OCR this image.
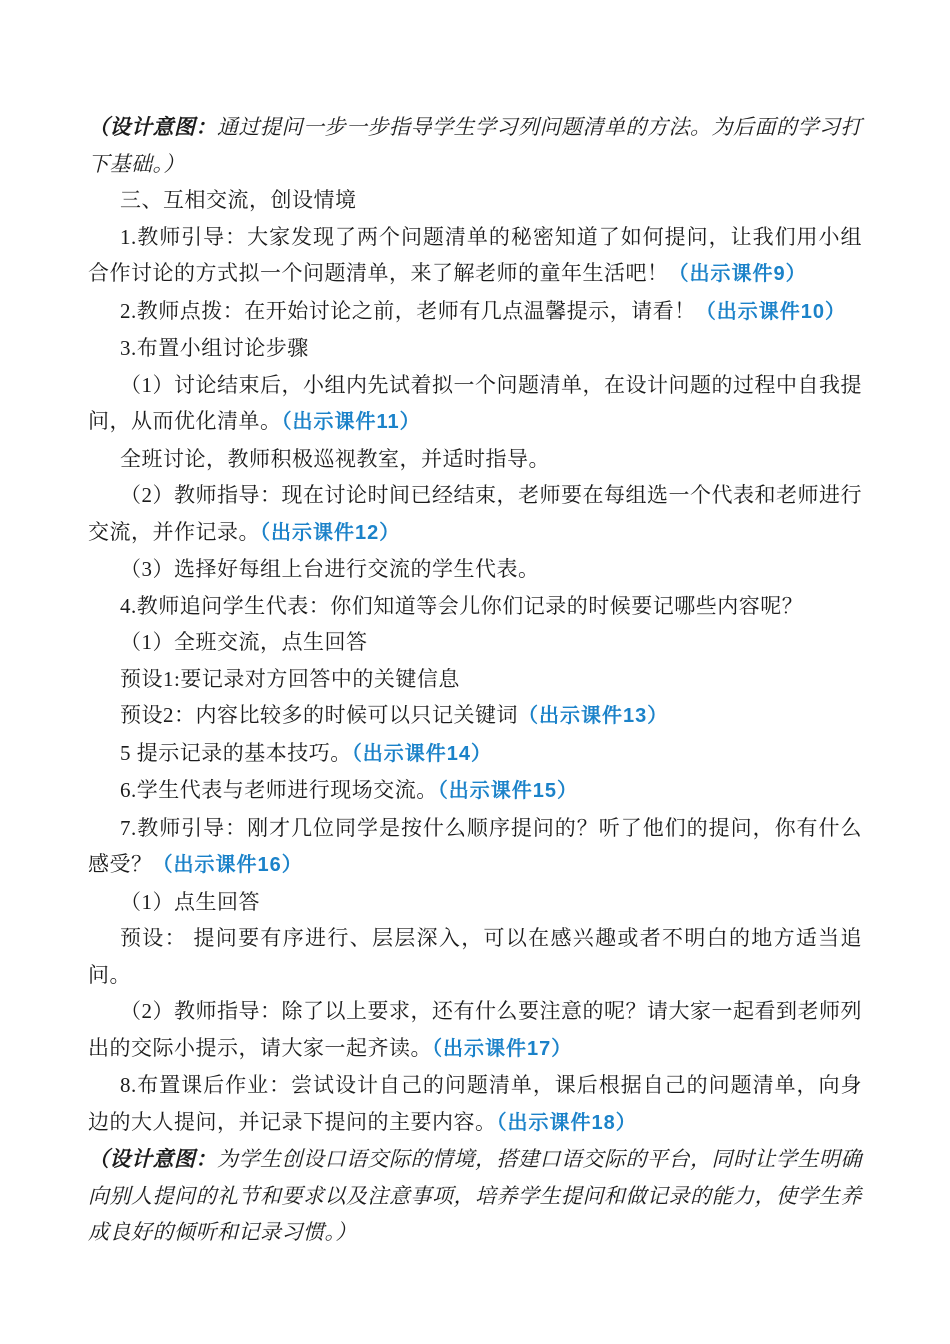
（设计意图：通过提问一步一步指导学生学习列问题清单的方法。为后面的学习打下基础。）

三、互相交流，创设情境

1.教师引导：大家发现了两个问题清单的秘密知道了如何提问，让我们用小组合作讨论的方式拟一个问题清单，来了解老师的童年生活吧！（出示课件9）

2.教师点拨：在开始讨论之前，老师有几点温馨提示，请看！（出示课件10）

3.布置小组讨论步骤

（1）讨论结束后，小组内先试着拟一个问题清单，在设计问题的过程中自我提问，从而优化清单。（出示课件11）

全班讨论，教师积极巡视教室，并适时指导。

（2）教师指导：现在讨论时间已经结束，老师要在每组选一个代表和老师进行交流，并作记录。（出示课件12）

（3）选择好每组上台进行交流的学生代表。

4.教师追问学生代表：你们知道等会儿你们记录的时候要记哪些内容呢？

（1）全班交流，点生回答

预设1:要记录对方回答中的关键信息

预设2：内容比较多的时候可以只记关键词（出示课件13）

5 提示记录的基本技巧。（出示课件14）

6.学生代表与老师进行现场交流。（出示课件15）

7.教师引导：刚才几位同学是按什么顺序提问的？听了他们的提问，你有什么感受？（出示课件16）

（1）点生回答

预设： 提问要有序进行、层层深入，可以在感兴趣或者不明白的地方适当追问。

（2）教师指导：除了以上要求，还有什么要注意的呢？请大家一起看到老师列出的交际小提示，请大家一起齐读。（出示课件17）

8.布置课后作业：尝试设计自己的问题清单，课后根据自己的问题清单，向身边的大人提问，并记录下提问的主要内容。（出示课件18）

（设计意图：为学生创设口语交际的情境，搭建口语交际的平台，同时让学生明确向别人提问的礼节和要求以及注意事项，培养学生提问和做记录的能力，使学生养成良好的倾听和记录习惯。）
